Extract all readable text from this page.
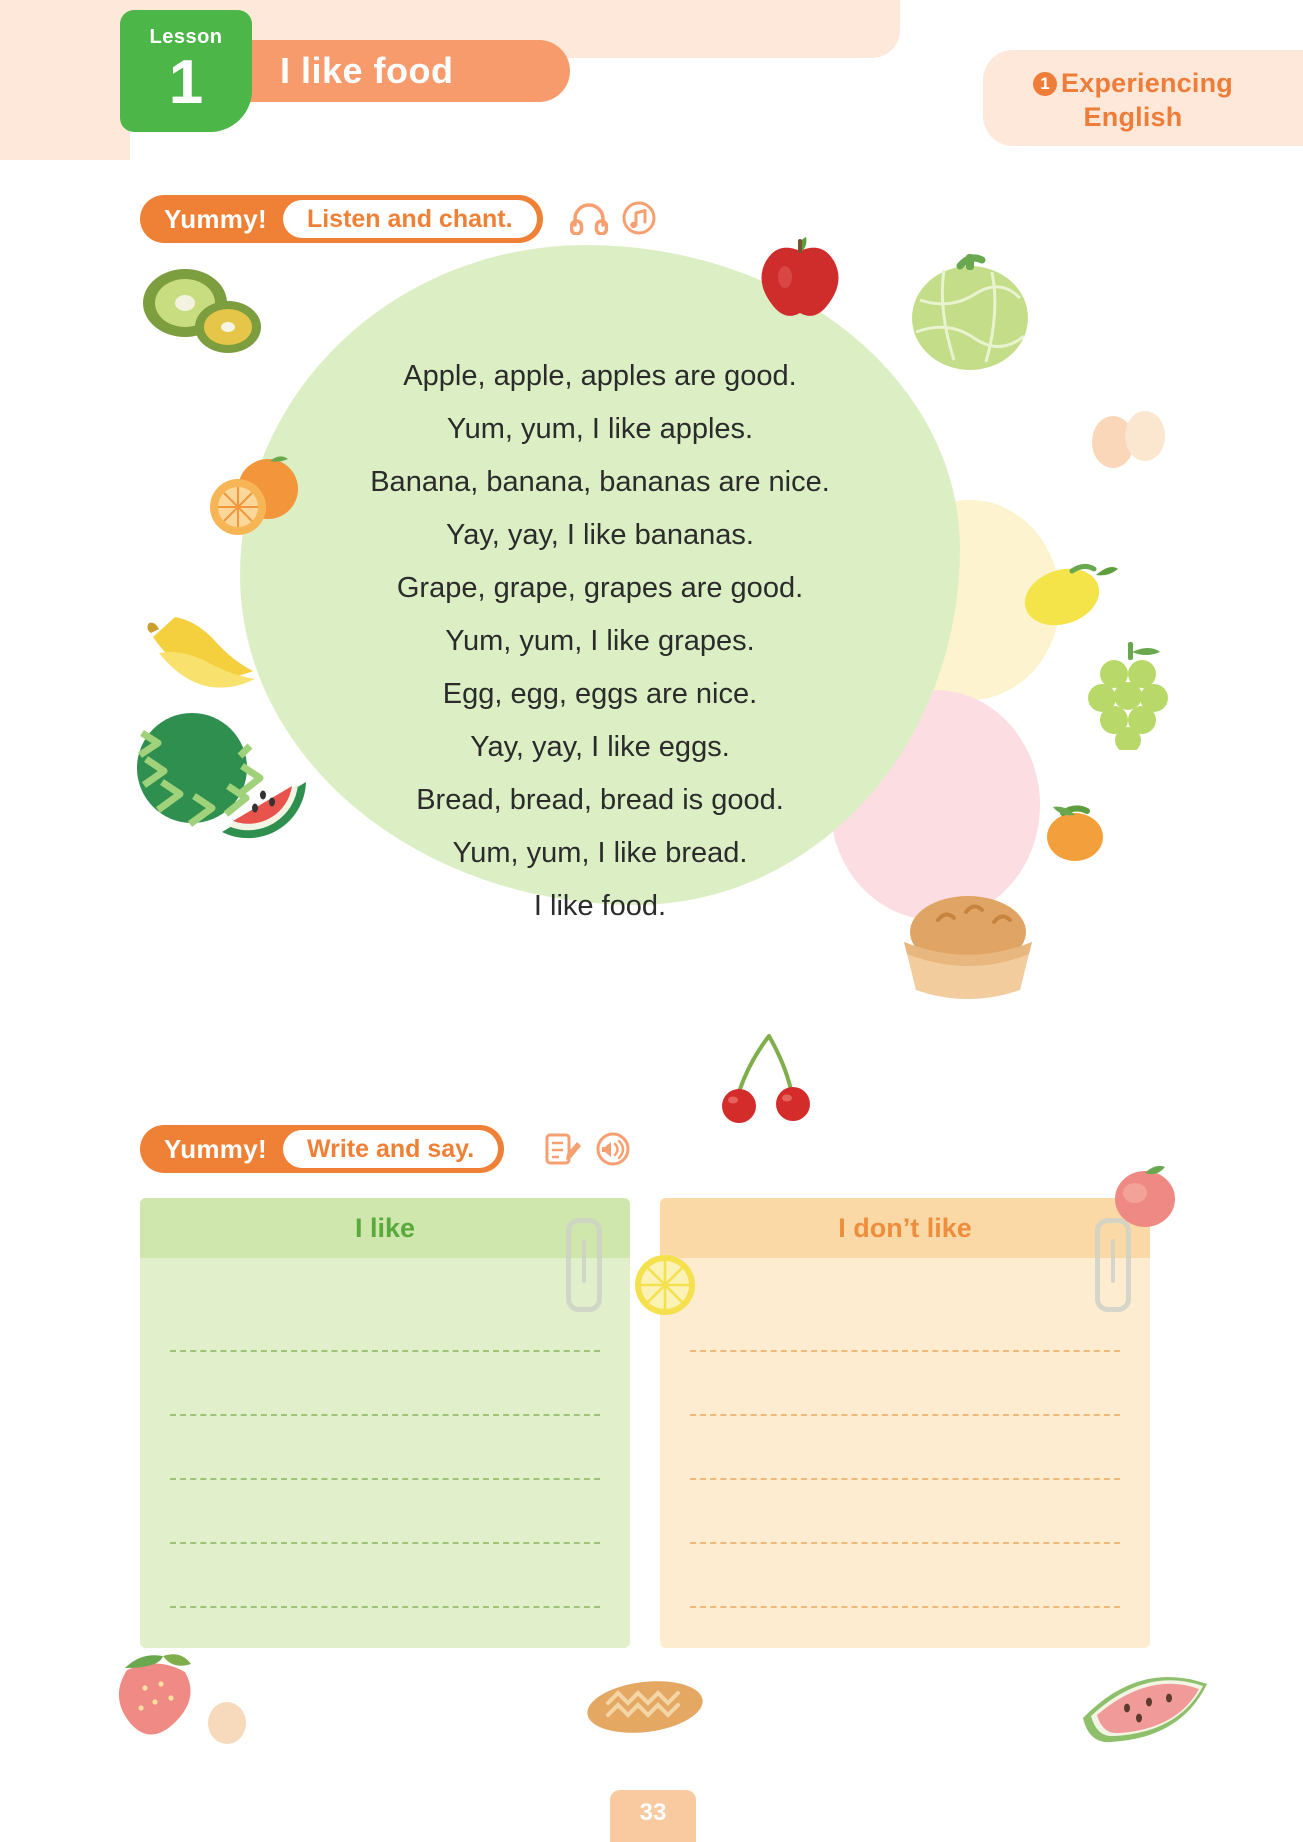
1 Experiencing
English
I like food
Lesson
1
Yummy!	Listen and chant.
Apple, apple, apples are good.
Yum, yum, I like apples.
Banana, banana, bananas are nice.
Yay, yay, I like bananas.
Grape, grape, grapes are good.
Yum, yum, I like grapes.
Egg, egg, eggs are nice.
Yay, yay, I like eggs.
Bread, bread, bread is good.
Yum, yum, I like bread.
I like food.
Yummy!	Write and say.
I like	I don’t like
33
